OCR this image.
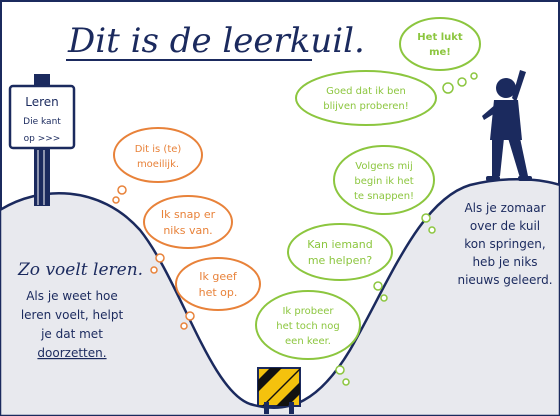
Dit is de leerkuil.
Leren
Die kant
op >>>
Zo voelt leren.
Als je weet hoe
leren voelt, helpt
je dat met
doorzetten.
Als je zomaar
over de kuil
kon springen,
heb je niks
nieuws geleerd.
Dit is (te)
moeilijk.
Ik snap er
niks van.
Ik geef
het op.
Ik probeer
het toch nog
een keer.
Kan iemand
me helpen?
Volgens mij
begin ik het
te snappen!
Goed dat ik ben
blijven proberen!
Het lukt
me!
